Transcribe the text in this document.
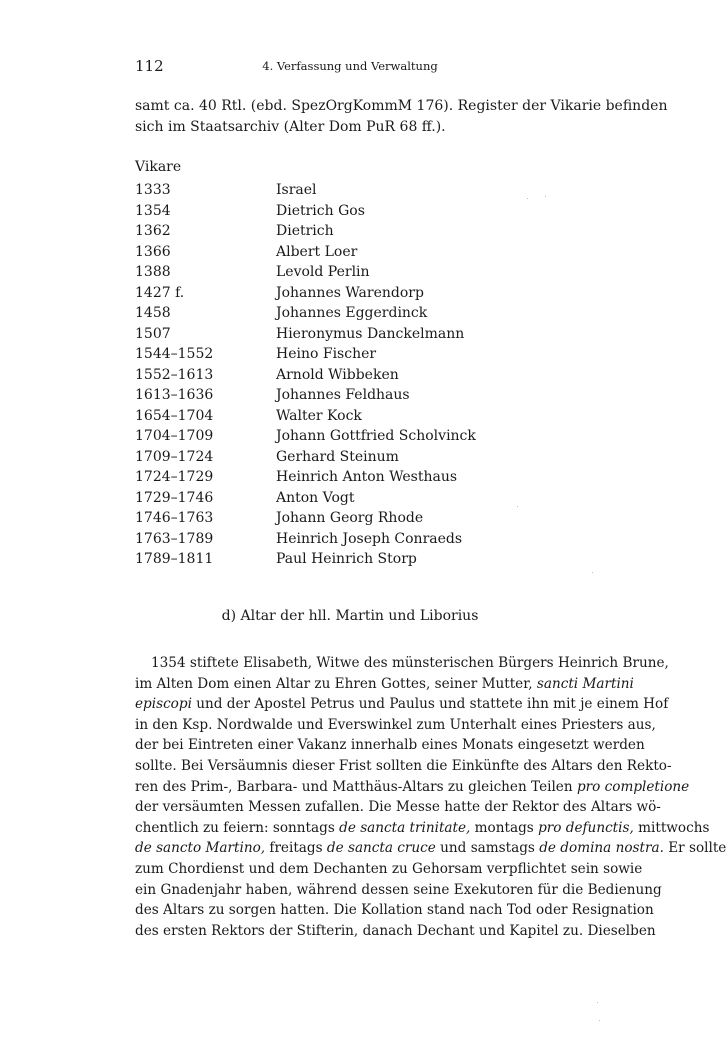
112	4. Verfassung und Verwaltung
samt ca. 40 Rtl. (ebd. SpezOrgKommM 176). Register der Vikarie befinden
sich im Staatsarchiv (Alter Dom PuR 68 ff.).
Vikare
1333	Israel
1354	Dietrich Gos
1362	Dietrich
1366	Albert Loer
1388	Levold Perlin
1427 f.	Johannes Warendorp
1458	Johannes Eggerdinck
1507	Hieronymus Danckelmann
1544–1552	Heino Fischer
1552–1613	Arnold Wibbeken
1613–1636	Johannes Feldhaus
1654–1704	Walter Kock
1704–1709	Johann Gottfried Scholvinck
1709–1724	Gerhard Steinum
1724–1729	Heinrich Anton Westhaus
1729–1746	Anton Vogt
1746–1763	Johann Georg Rhode
1763–1789	Heinrich Joseph Conraeds
1789–1811	Paul Heinrich Storp
d) Altar der hll. Martin und Liborius
1354 stiftete Elisabeth, Witwe des münsterischen Bürgers Heinrich Brune,
im Alten Dom einen Altar zu Ehren Gottes, seiner Mutter, sancti Martini
episcopi und der Apostel Petrus und Paulus und stattete ihn mit je einem Hof
in den Ksp. Nordwalde und Everswinkel zum Unterhalt eines Priesters aus,
der bei Eintreten einer Vakanz innerhalb eines Monats eingesetzt werden
sollte. Bei Versäumnis dieser Frist sollten die Einkünfte des Altars den Rekto-
ren des Prim-, Barbara- und Matthäus-Altars zu gleichen Teilen pro completione
der versäumten Messen zufallen. Die Messe hatte der Rektor des Altars wö-
chentlich zu feiern: sonntags de sancta trinitate, montags pro defunctis, mittwochs
de sancto Martino, freitags de sancta cruce und samstags de domina nostra. Er sollte
zum Chordienst und dem Dechanten zu Gehorsam verpflichtet sein sowie
ein Gnadenjahr haben, während dessen seine Exekutoren für die Bedienung
des Altars zu sorgen hatten. Die Kollation stand nach Tod oder Resignation
des ersten Rektors der Stifterin, danach Dechant und Kapitel zu. Dieselben
